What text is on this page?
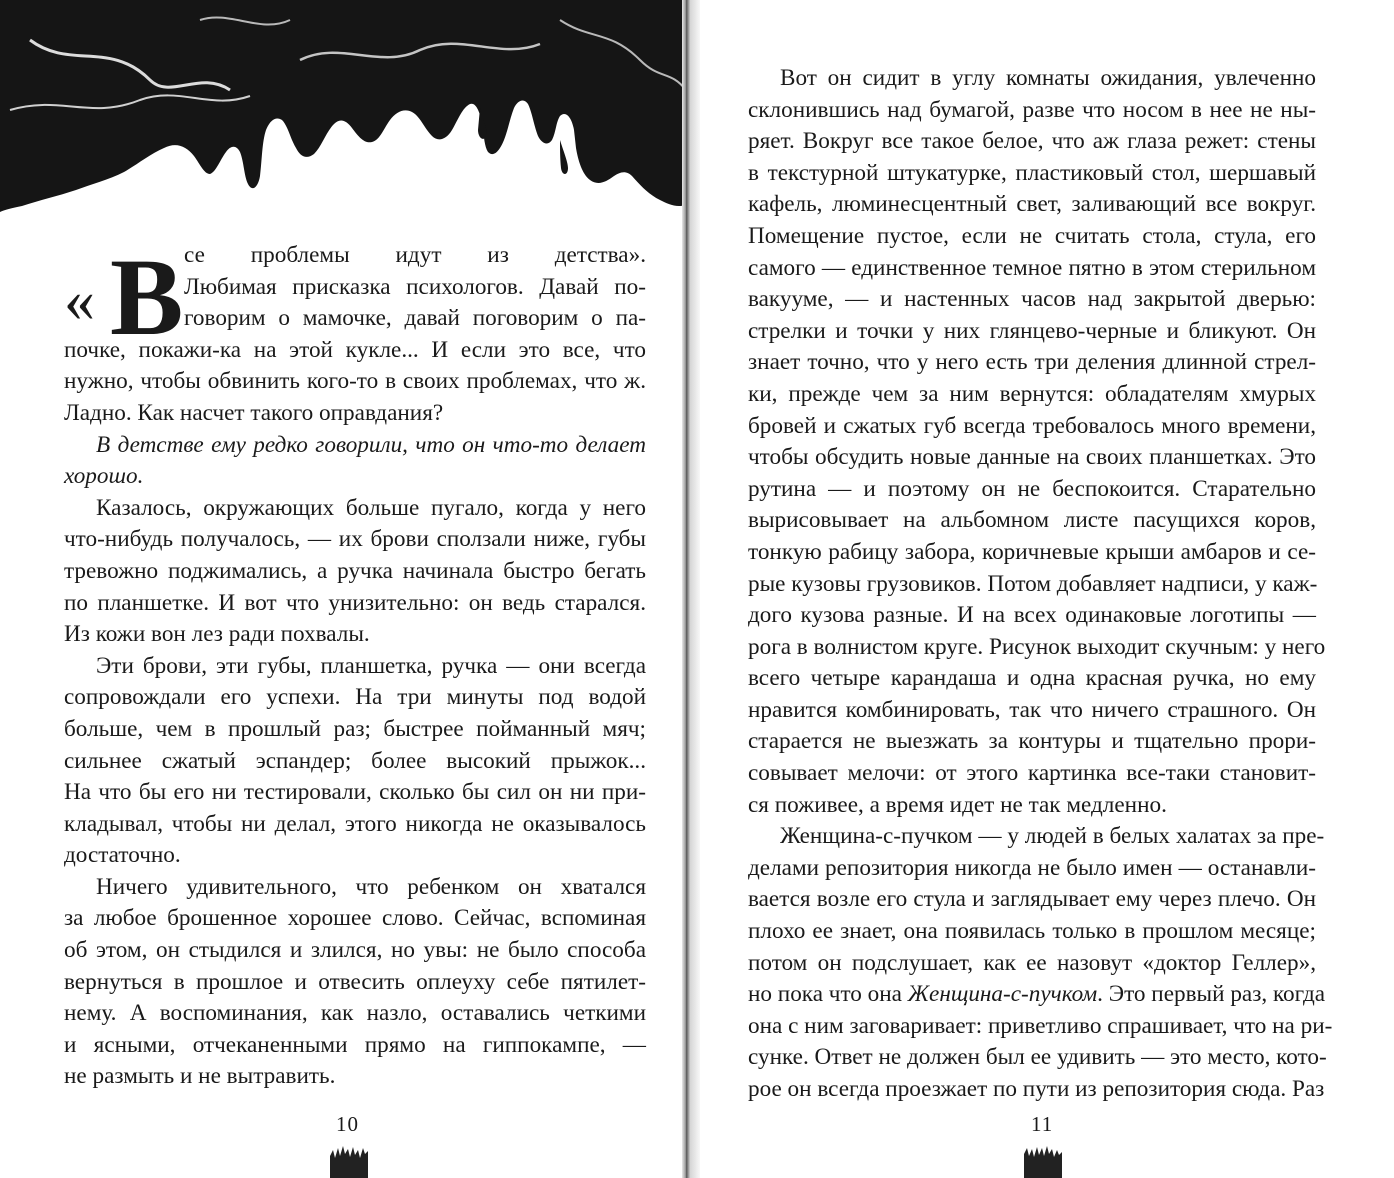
« В се проблемы идут из детства».
Любимая присказка психологов. Давай по-
говорим о мамочке, давай поговорим о па-
почке, покажи-ка на этой кукле... И если это все, что
нужно, чтобы обвинить кого-то в своих проблемах, что ж.
Ладно. Как насчет такого оправдания?
В детстве ему редко говорили, что он что-то делает
хорошо.
Казалось, окружающих больше пугало, когда у него
что-нибудь получалось, — их брови сползали ниже, губы
тревожно поджимались, а ручка начинала быстро бегать
по планшетке. И вот что унизительно: он ведь старался.
Из кожи вон лез ради похвалы.
Эти брови, эти губы, планшетка, ручка — они всегда
сопровождали его успехи. На три минуты под водой
больше, чем в прошлый раз; быстрее пойманный мяч;
сильнее сжатый эспандер; более высокий прыжок...
На что бы его ни тестировали, сколько бы сил он ни при-
кладывал, чтобы ни делал, этого никогда не оказывалось
достаточно.
Ничего удивительного, что ребенком он хватался
за любое брошенное хорошее слово. Сейчас, вспоминая
об этом, он стыдился и злился, но увы: не было способа
вернуться в прошлое и отвесить оплеуху себе пятилет-
нему. А воспоминания, как назло, оставались четкими
и ясными, отчеканенными прямо на гиппокампе, —
не размыть и не вытравить.
10
Вот он сидит в углу комнаты ожидания, увлеченно
склонившись над бумагой, разве что носом в нее не ны-
ряет. Вокруг все такое белое, что аж глаза режет: стены
в текстурной штукатурке, пластиковый стол, шершавый
кафель, люминесцентный свет, заливающий все вокруг.
Помещение пустое, если не считать стола, стула, его
самого — единственное темное пятно в этом стерильном
вакууме, — и настенных часов над закрытой дверью:
стрелки и точки у них глянцево-черные и бликуют. Он
знает точно, что у него есть три деления длинной стрел-
ки, прежде чем за ним вернутся: обладателям хмурых
бровей и сжатых губ всегда требовалось много времени,
чтобы обсудить новые данные на своих планшетках. Это
рутина — и поэтому он не беспокоится. Старательно
вырисовывает на альбомном листе пасущихся коров,
тонкую рабицу забора, коричневые крыши амбаров и се-
рые кузовы грузовиков. Потом добавляет надписи, у каж-
дого кузова разные. И на всех одинаковые логотипы —
рога в волнистом круге. Рисунок выходит скучным: у него
всего четыре карандаша и одна красная ручка, но ему
нравится комбинировать, так что ничего страшного. Он
старается не выезжать за контуры и тщательно прори-
совывает мелочи: от этого картинка все-таки становит-
ся поживее, а время идет не так медленно.
Женщина-с-пучком — у людей в белых халатах за пре-
делами репозитория никогда не было имен — останавли-
вается возле его стула и заглядывает ему через плечо. Он
плохо ее знает, она появилась только в прошлом месяце;
потом он подслушает, как ее назовут «доктор Геллер»,
но пока что она Женщина-с-пучком. Это первый раз, когда
она с ним заговаривает: приветливо спрашивает, что на ри-
сунке. Ответ не должен был ее удивить — это место, кото-
рое он всегда проезжает по пути из репозитория сюда. Раз
11
